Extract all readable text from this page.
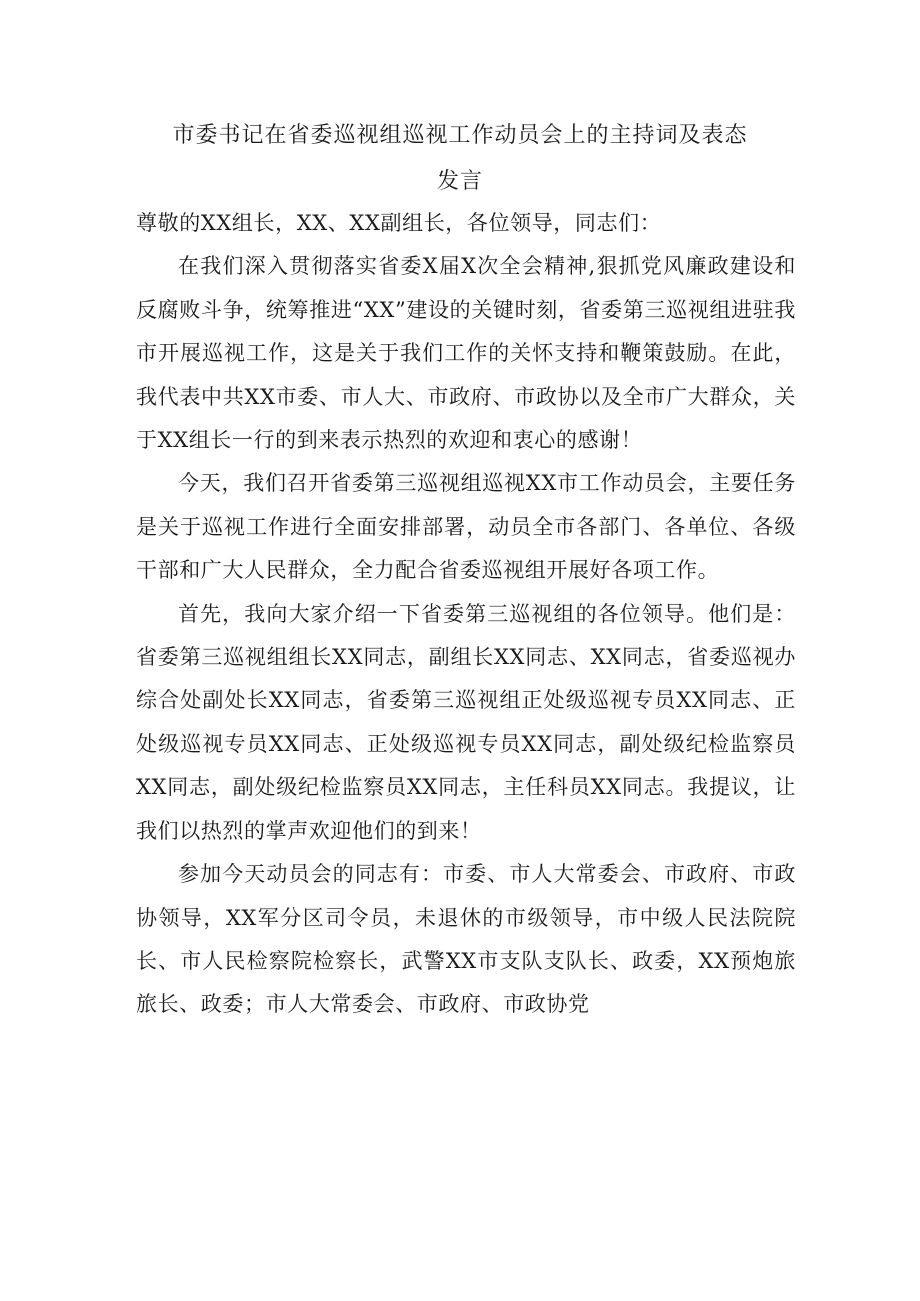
市委书记在省委巡视组巡视工作动员会上的主持词及表态
发言

尊敬的XX组长，XX、XX副组长，各位领导，同志们：

在我们深入贯彻落实省委X届X次全会精神,狠抓党风廉政建设和反腐败斗争，统筹推进“XX”建设的关键时刻，省委第三巡视组进驻我市开展巡视工作，这是关于我们工作的关怀支持和鞭策鼓励。在此，我代表中共XX市委、市人大、市政府、市政协以及全市广大群众，关于XX组长一行的到来表示热烈的欢迎和衷心的感谢！

今天，我们召开省委第三巡视组巡视XX市工作动员会，主要任务是关于巡视工作进行全面安排部署，动员全市各部门、各单位、各级干部和广大人民群众，全力配合省委巡视组开展好各项工作。

首先，我向大家介绍一下省委第三巡视组的各位领导。他们是：省委第三巡视组组长XX同志，副组长XX同志、XX同志，省委巡视办综合处副处长XX同志，省委第三巡视组正处级巡视专员XX同志、正处级巡视专员XX同志、正处级巡视专员XX同志，副处级纪检监察员XX同志，副处级纪检监察员XX同志，主任科员XX同志。我提议，让我们以热烈的掌声欢迎他们的到来！

参加今天动员会的同志有：市委、市人大常委会、市政府、市政协领导，XX军分区司令员，未退休的市级领导，市中级人民法院院长、市人民检察院检察长，武警XX市支队支队长、政委，XX预炮旅旅长、政委；市人大常委会、市政府、市政协党
